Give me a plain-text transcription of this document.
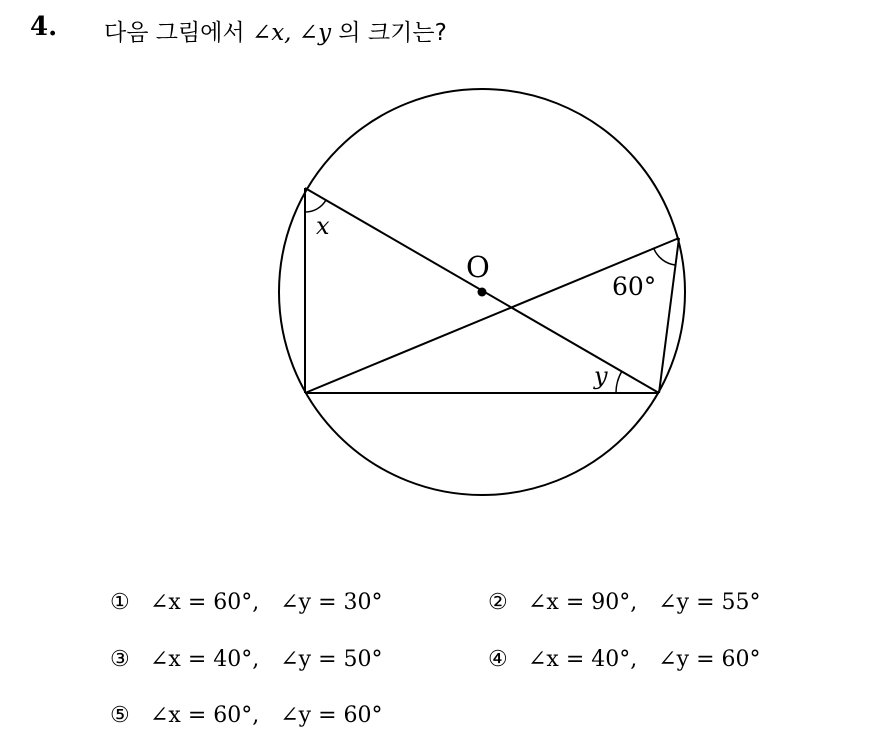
4. 다음 그림에서 ∠x, ∠y 의 크기는?
O
x
y
60°
① ∠x = 60°,   ∠y = 30°	② ∠x = 90°,   ∠y = 55°
③ ∠x = 40°,   ∠y = 50°	④ ∠x = 40°,   ∠y = 60°
⑤ ∠x = 60°,   ∠y = 60°
